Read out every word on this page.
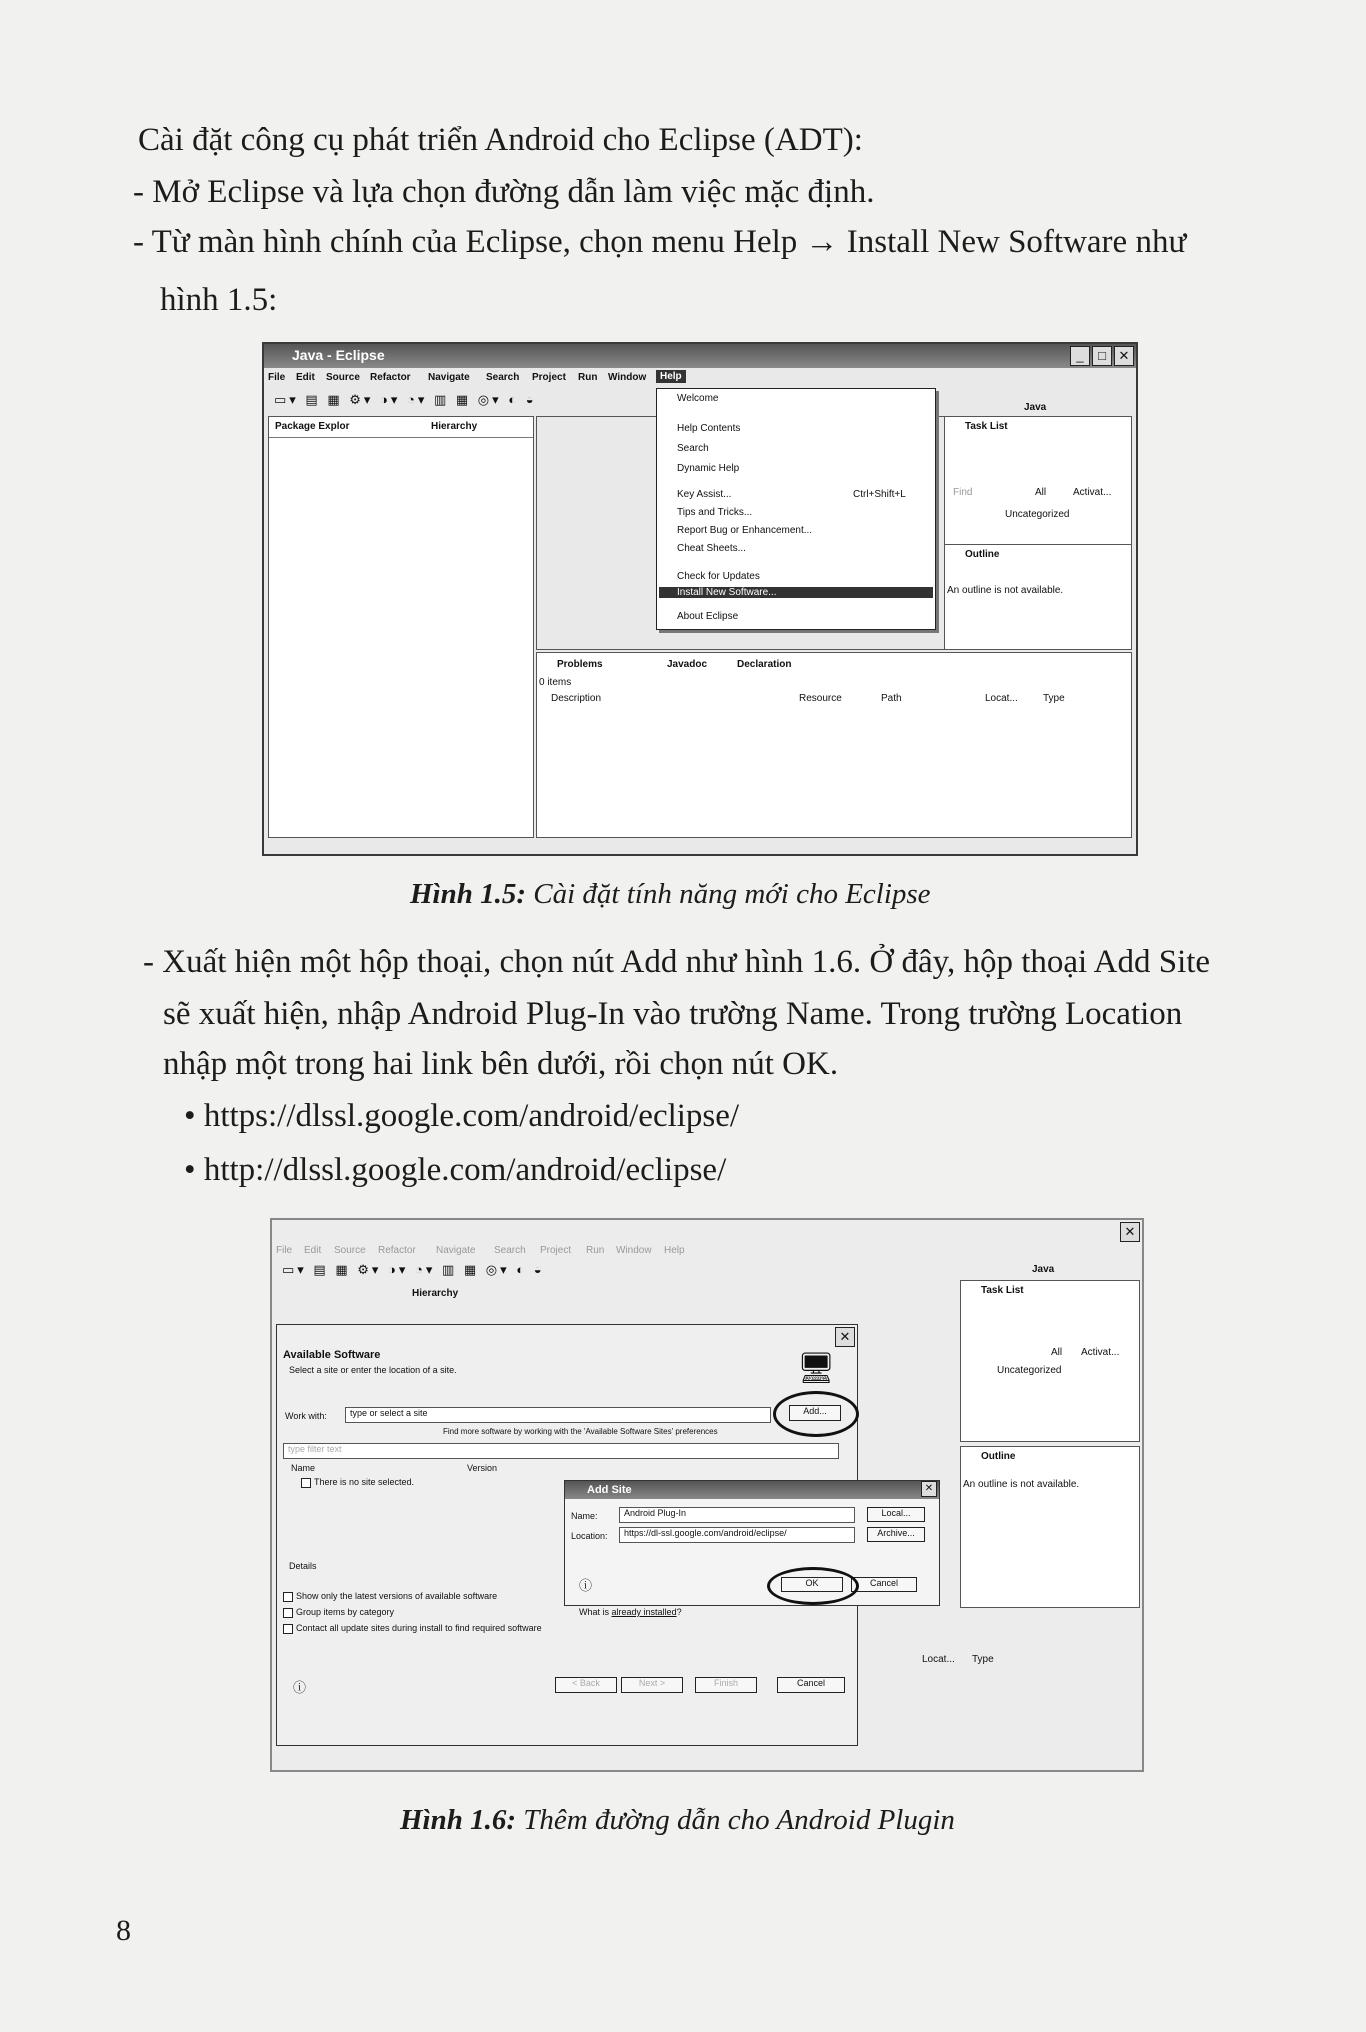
Cài đặt công cụ phát triển Android cho Eclipse (ADT):
- Mở Eclipse và lựa chọn đường dẫn làm việc mặc định.
- Từ màn hình chính của Eclipse, chọn menu Help → Install New Software như
hình 1.5:
Java - Eclipse	_	□ ✕
File Edit Source Refactor Navigate Search Project Run Window	Help
▭▾ ▤ ▦ ⚙▾ ◑▾ ◔▾ ▥ ▦ ◎▾ ◐ ◒
Package Explor	Hierarchy
Welcome
Help Contents
Search
Dynamic Help
Key Assist...	Ctrl+Shift+L
Tips and Tricks...
Report Bug or Enhancement...
Cheat Sheets...
Check for Updates
Install New Software...
About Eclipse
Java
Task List
Find	All	Activat...
Uncategorized
Outline
An outline is not available.
Problems	Javadoc	Declaration
0 items
Description	Resource	Path	Locat...	Type
Hình 1.5: Cài đặt tính năng mới cho Eclipse
- Xuất hiện một hộp thoại, chọn nút Add như hình 1.6. Ở đây, hộp thoại Add Site
sẽ xuất hiện, nhập Android Plug-In vào trường Name. Trong trường Location
nhập một trong hai link bên dưới, rồi chọn nút OK.
• https://dlssl.google.com/android/eclipse/
• http://dlssl.google.com/android/eclipse/
✕
File Edit Source Refactor Navigate Search Project Run Window Help
▭▾ ▤ ▦ ⚙▾ ◑▾ ◔▾ ▥ ▦ ◎▾ ◐ ◒	Java
Hierarchy	Task List
All Activat...
Uncategorized
Outline
An outline is not available.
Locat... Type
✕
Available Software
Select a site or enter the location of a site.	🖥
Work with:	type or select a site	Add...
Find more software by working with the 'Available Software Sites' preferences
type filter text
Name	Version
There is no site selected.
Details
Show only the latest versions of available software
Group items by category
Contact all update sites during install to find required software
What is already installed?
ⓘ	< Back	Next >	Finish	Cancel
Add Site	✕
Name:	Android Plug-In	Local...
Location:	https://dl-ssl.google.com/android/eclipse/	Archive...
ⓘ	OK	Cancel
Hình 1.6: Thêm đường dẫn cho Android Plugin
8
